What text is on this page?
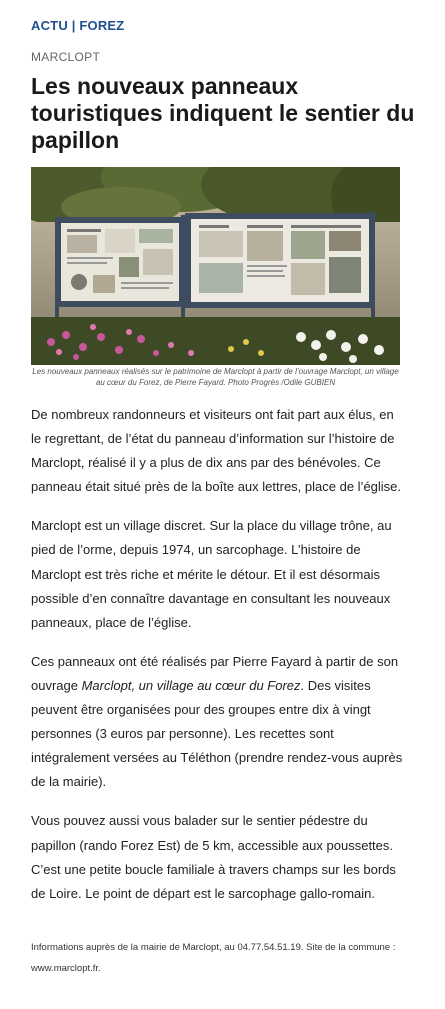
ACTU | FOREZ
MARCLOPT
Les nouveaux panneaux touristiques indiquent le sentier du papillon
Les nouveaux panneaux réalisés sur le patrimoine de Marclopt à partir de l’ouvrage Marclopt, un village au cœur du Forez, de Pierre Fayard. Photo Progrès /Odile GUBIEN

De nombreux randonneurs et visiteurs ont fait part aux élus, en le regrettant, de l’état du panneau d’information sur l’histoire de Marclopt, réalisé il y a plus de dix ans par des bénévoles. Ce panneau était situé près de la boîte aux lettres, place de l’église.

Marclopt est un village discret. Sur la place du village trône, au pied de l’orme, depuis 1974, un sarcophage. L’histoire de Marclopt est très riche et mérite le détour. Et il est désormais possible d’en connaître davantage en consultant les nouveaux panneaux, place de l’église.

Ces panneaux ont été réalisés par Pierre Fayard à partir de son ouvrage Marclopt, un village au cœur du Forez. Des visites peuvent être organisées pour des groupes entre dix à vingt personnes (3 euros par personne). Les recettes sont intégralement versées au Téléthon (prendre rendez-vous auprès de la mairie).

Vous pouvez aussi vous balader sur le sentier pédestre du papillon (rando Forez Est) de 5 km, accessible aux poussettes. C’est une petite boucle familiale à travers champs sur les bords de Loire. Le point de départ est le sarcophage gallo-romain.

Informations auprès de la mairie de Marclopt, au 04.77.54.51.19. Site de la commune : www.marclopt.fr.
